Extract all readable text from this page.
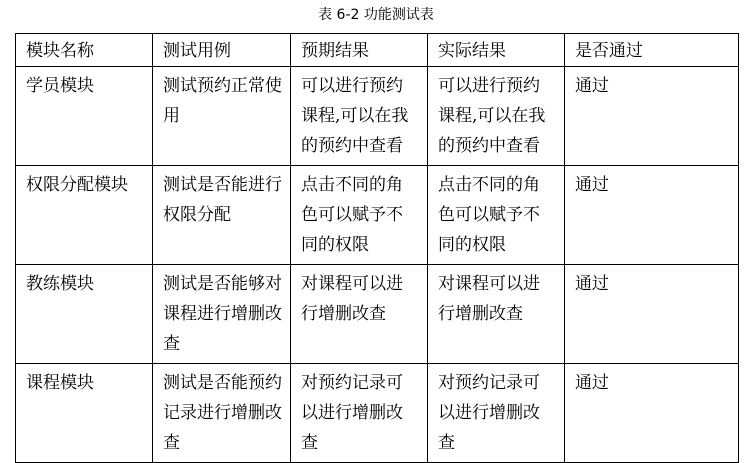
表 6-2 功能测试表
模块名称	测试用例	预期结果	实际结果	是否通过
学员模块	测试预约正常使用	可以进行预约课程,可以在我的预约中查看	可以进行预约课程,可以在我的预约中查看	通过
权限分配模块	测试是否能进行权限分配	点击不同的角色可以赋予不同的权限	点击不同的角色可以赋予不同的权限	通过
教练模块	测试是否能够对课程进行增删改查	对课程可以进行增删改查	对课程可以进行增删改查	通过
课程模块	测试是否能预约记录进行增删改查	对预约记录可以进行增删改查	对预约记录可以进行增删改查	通过
